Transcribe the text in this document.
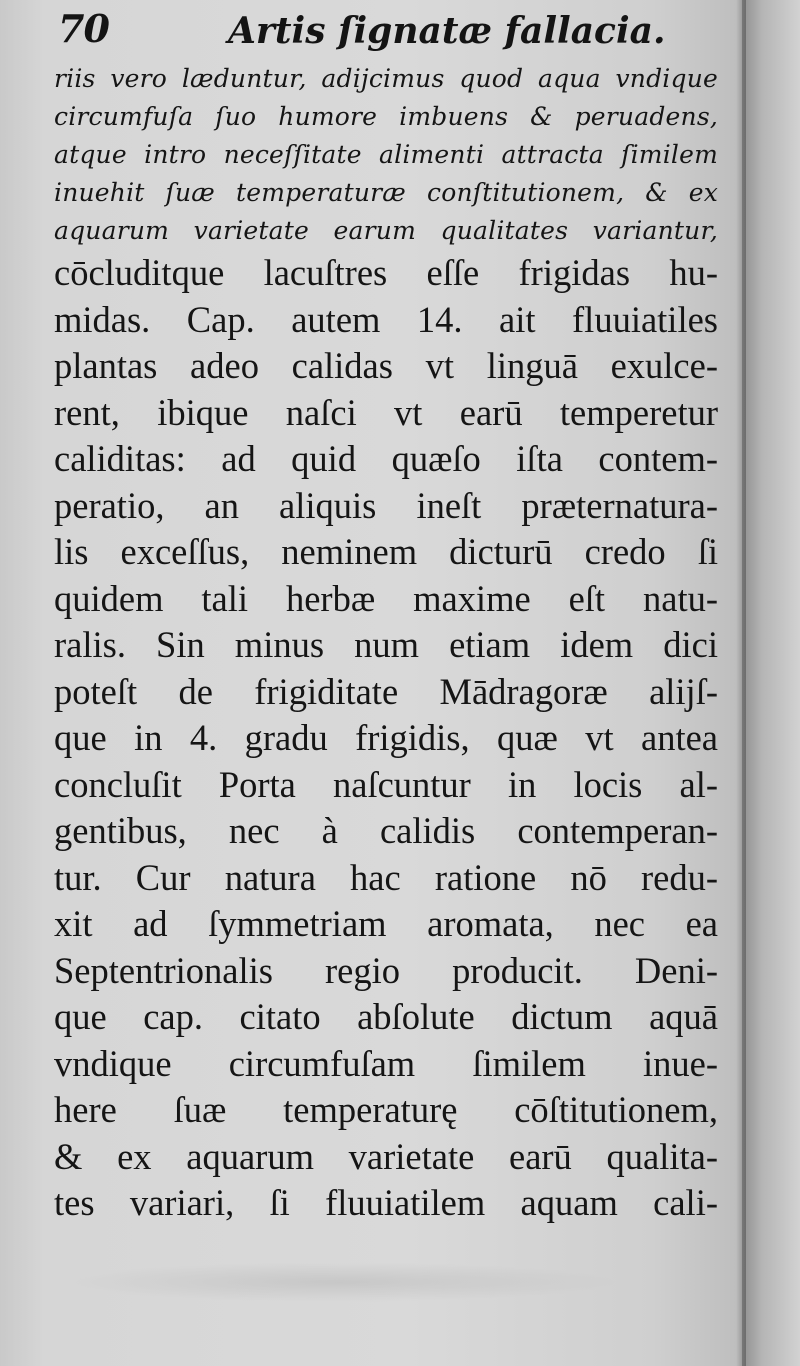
70	Artis ſignatæ fallacia.
riis vero læduntur, adijcimus quod aqua vndique
circumfuſa ſuo humore imbuens & peruadens,
atque intro neceſſitate alimenti attracta ſimilem
inuehit ſuæ temperaturæ conſtitutionem, & ex
aquarum varietate earum qualitates variantur,
cōcluditque lacuſtres eſſe frigidas hu-
midas. Cap. autem 14. ait fluuiatiles
plantas adeo calidas vt linguā exulce-
rent, ibique naſci vt earū temperetur
caliditas: ad quid quæſo iſta contem-
peratio, an aliquis ineſt præternatura-
lis exceſſus, neminem dicturū credo ſi
quidem tali herbæ maxime eſt natu-
ralis. Sin minus num etiam idem dici
poteſt de frigiditate Mādragoræ alijſ-
que in 4. gradu frigidis, quæ vt antea
concluſit Porta naſcuntur in locis al-
gentibus, nec à calidis contemperan-
tur. Cur natura hac ratione nō redu-
xit ad ſymmetriam aromata, nec ea
Septentrionalis regio producit. Deni-
que cap. citato abſolute dictum aquā
vndique circumfuſam ſimilem inue-
here ſuæ temperaturę cōſtitutionem,
& ex aquarum varietate earū qualita-
tes variari, ſi fluuiatilem aquam cali-
